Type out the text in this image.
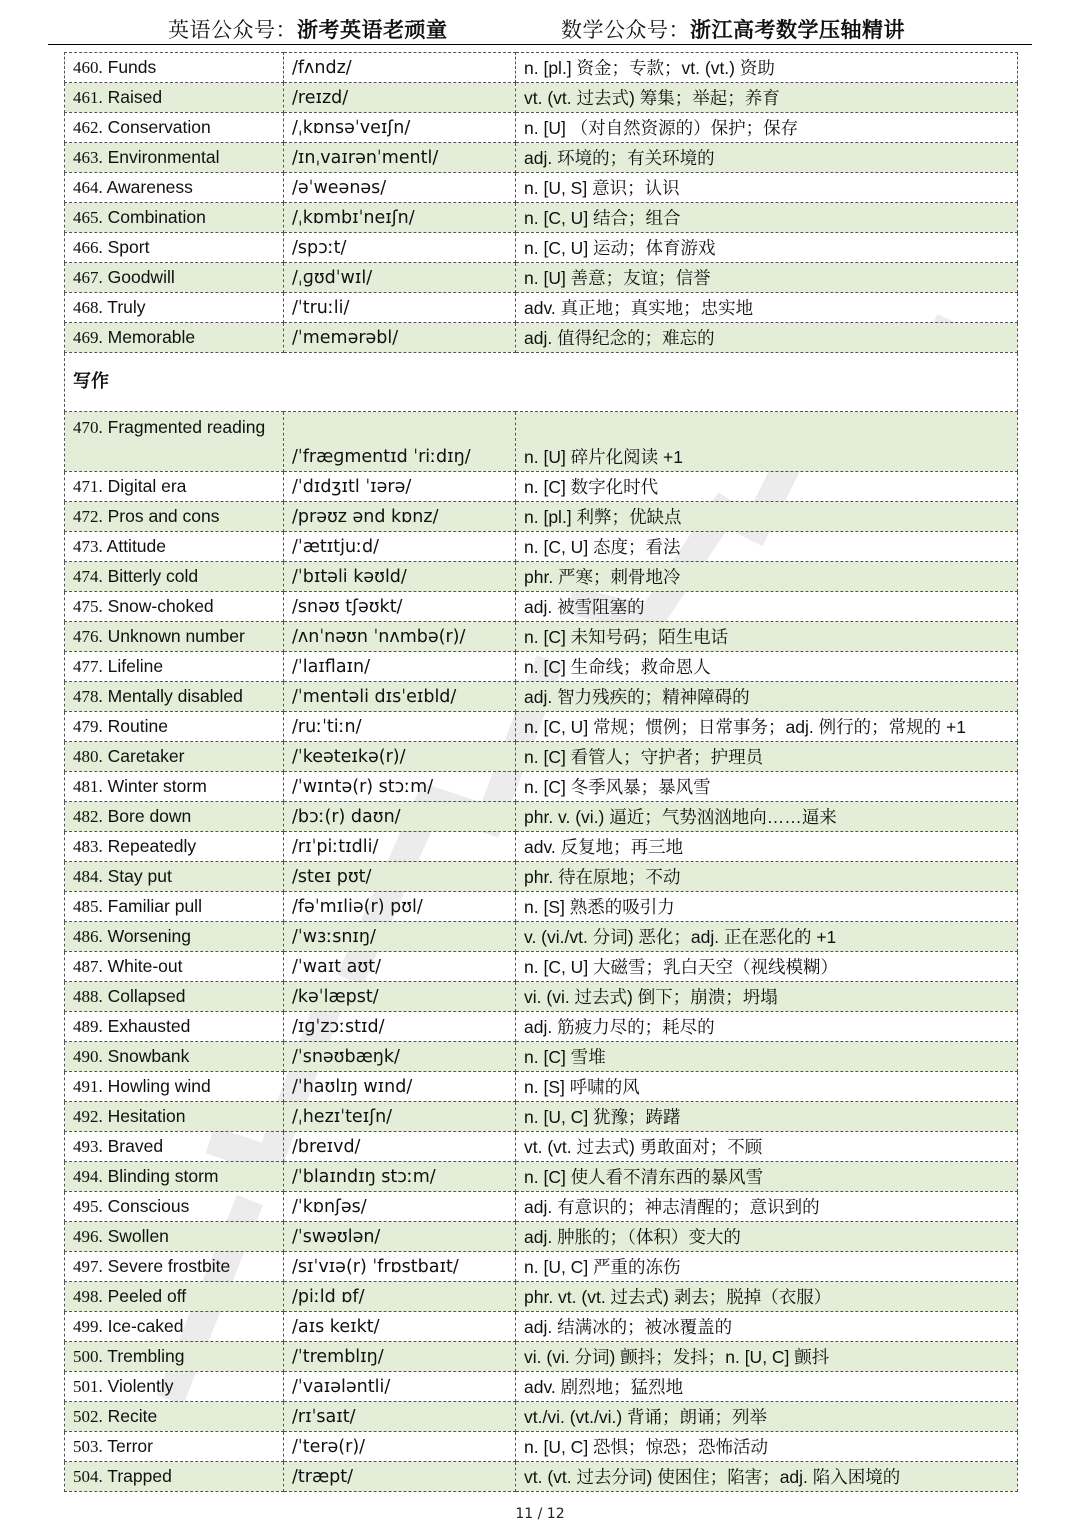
英语公众号：浙考英语老顽童	数学公众号：浙江高考数学压轴精讲
460. Funds	/fʌndz/	n. [pl.] 资金；专款；vt. (vt.) 资助
461. Raised	/reɪzd/	vt. (vt. 过去式) 筹集；举起；养育
462. Conservation	/ˌkɒnsəˈveɪʃn/	n. [U] （对自然资源的）保护；保存
463. Environmental	/ɪnˌvaɪrənˈmentl/	adj. 环境的；有关环境的
464. Awareness	/əˈweənəs/	n. [U, S] 意识；认识
465. Combination	/ˌkɒmbɪˈneɪʃn/	n. [C, U] 结合；组合
466. Sport	/spɔːt/	n. [C, U] 运动；体育游戏
467. Goodwill	/ˌɡʊdˈwɪl/	n. [U] 善意；友谊；信誉
468. Truly	/ˈtruːli/	adv. 真正地；真实地；忠实地
469. Memorable	/ˈmemərəbl/	adj. 值得纪念的；难忘的
写作		
470. Fragmented reading	/ˈfræɡmentɪd ˈriːdɪŋ/	n. [U] 碎片化阅读 +1
471. Digital era	/ˈdɪdʒɪtl ˈɪərə/	n. [C] 数字化时代
472. Pros and cons	/prəʊz ənd kɒnz/	n. [pl.] 利弊；优缺点
473. Attitude	/ˈætɪtjuːd/	n. [C, U] 态度；看法
474. Bitterly cold	/ˈbɪtəli kəʊld/	phr. 严寒；刺骨地冷
475. Snow-choked	/snəʊ tʃəʊkt/	adj. 被雪阻塞的
476. Unknown number	/ʌnˈnəʊn ˈnʌmbə(r)/	n. [C] 未知号码；陌生电话
477. Lifeline	/ˈlaɪflaɪn/	n. [C] 生命线；救命恩人
478. Mentally disabled	/ˈmentəli dɪsˈeɪbld/	adj. 智力残疾的；精神障碍的
479. Routine	/ruːˈtiːn/	n. [C, U] 常规；惯例；日常事务；adj. 例行的；常规的 +1
480. Caretaker	/ˈkeəteɪkə(r)/	n. [C] 看管人；守护者；护理员
481. Winter storm	/ˈwɪntə(r) stɔːm/	n. [C] 冬季风暴；暴风雪
482. Bore down	/bɔː(r) daʊn/	phr. v. (vi.) 逼近；气势汹汹地向……逼来
483. Repeatedly	/rɪˈpiːtɪdli/	adv. 反复地；再三地
484. Stay put	/steɪ pʊt/	phr. 待在原地；不动
485. Familiar pull	/fəˈmɪliə(r) pʊl/	n. [S] 熟悉的吸引力
486. Worsening	/ˈwɜːsnɪŋ/	v. (vi./vt. 分词) 恶化；adj. 正在恶化的 +1
487. White-out	/ˈwaɪt aʊt/	n. [C, U] 大磁雪；乳白天空（视线模糊）
488. Collapsed	/kəˈlæpst/	vi. (vi. 过去式) 倒下；崩溃；坍塌
489. Exhausted	/ɪɡˈzɔːstɪd/	adj. 筋疲力尽的；耗尽的
490. Snowbank	/ˈsnəʊbæŋk/	n. [C] 雪堆
491. Howling wind	/ˈhaʊlɪŋ wɪnd/	n. [S] 呼啸的风
492. Hesitation	/ˌhezɪˈteɪʃn/	n. [U, C] 犹豫；踌躇
493. Braved	/breɪvd/	vt. (vt. 过去式) 勇敢面对；不顾
494. Blinding storm	/ˈblaɪndɪŋ stɔːm/	n. [C] 使人看不清东西的暴风雪
495. Conscious	/ˈkɒnʃəs/	adj. 有意识的；神志清醒的；意识到的
496. Swollen	/ˈswəʊlən/	adj. 肿胀的；（体积）变大的
497. Severe frostbite	/sɪˈvɪə(r) ˈfrɒstbaɪt/	n. [U, C] 严重的冻伤
498. Peeled off	/piːld ɒf/	phr. vt. (vt. 过去式) 剥去；脱掉（衣服）
499. Ice-caked	/aɪs keɪkt/	adj. 结满冰的；被冰覆盖的
500. Trembling	/ˈtremblɪŋ/	vi. (vi. 分词) 颤抖；发抖；n. [U, C] 颤抖
501. Violently	/ˈvaɪələntli/	adv. 剧烈地；猛烈地
502. Recite	/rɪˈsaɪt/	vt./vi. (vt./vi.) 背诵；朗诵；列举
503. Terror	/ˈterə(r)/	n. [U, C] 恐惧；惊恐；恐怖活动
504. Trapped	/træpt/	vt. (vt. 过去分词) 使困住；陷害；adj. 陷入困境的
11 / 12
